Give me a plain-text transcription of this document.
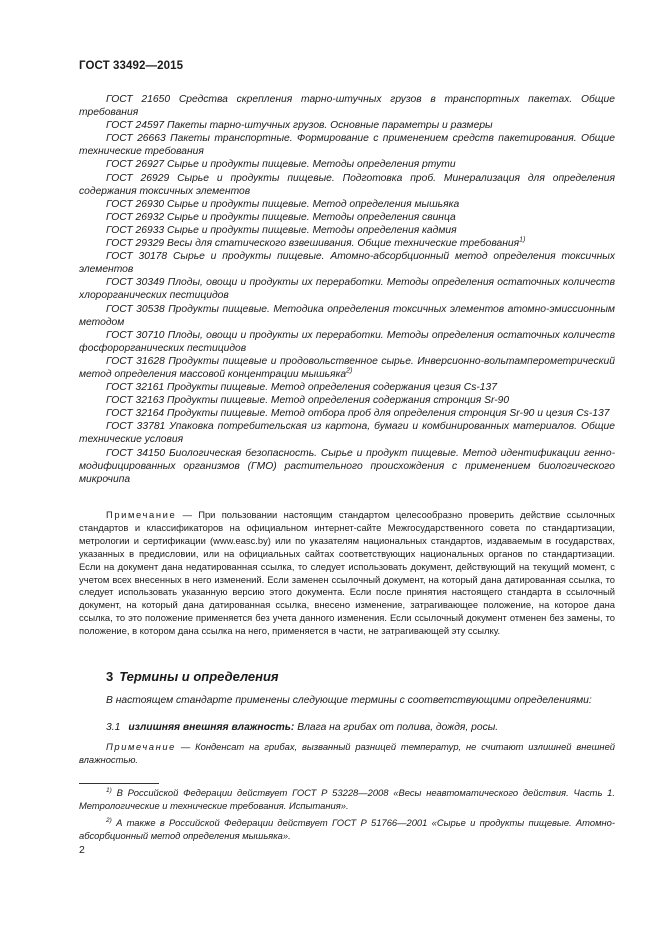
ГОСТ 33492—2015

ГОСТ 21650 Средства скрепления тарно-штучных грузов в транспортных пакетах. Общие требования

ГОСТ 24597 Пакеты тарно-штучных грузов. Основные параметры и размеры

ГОСТ 26663 Пакеты транспортные. Формирование с применением средств пакетирования. Общие технические требования

ГОСТ 26927 Сырье и продукты пищевые. Методы определения ртути

ГОСТ 26929 Сырье и продукты пищевые. Подготовка проб. Минерализация для определения содержания токсичных элементов

ГОСТ 26930 Сырье и продукты пищевые. Метод определения мышьяка

ГОСТ 26932 Сырье и продукты пищевые. Методы определения свинца

ГОСТ 26933 Сырье и продукты пищевые. Методы определения кадмия

ГОСТ 29329 Весы для статического взвешивания. Общие технические требования$^{1)}$

ГОСТ 30178 Сырье и продукты пищевые. Атомно-абсорбционный метод определения токсичных элементов

ГОСТ 30349 Плоды, овощи и продукты их переработки. Методы определения остаточных количеств хлорорганических пестицидов

ГОСТ 30538 Продукты пищевые. Методика определения токсичных элементов атомно-эмиссионным методом

ГОСТ 30710 Плоды, овощи и продукты их переработки. Методы определения остаточных количеств фосфорорганических пестицидов

ГОСТ 31628 Продукты пищевые и продовольственное сырье. Инверсионно-вольтамперометрический метод определения массовой концентрации мышьяка$^{2)}$

ГОСТ 32161 Продукты пищевые. Метод определения содержания цезия Cs-137

ГОСТ 32163 Продукты пищевые. Метод определения содержания стронция Sr-90

ГОСТ 32164 Продукты пищевые. Метод отбора проб для определения стронция Sr-90 и цезия Cs-137

ГОСТ 33781 Упаковка потребительская из картона, бумаги и комбинированных материалов. Общие технические условия

ГОСТ 34150 Биологическая безопасность. Сырье и продукт пищевые. Метод идентификации генно-модифицированных организмов (ГМО) растительного происхождения с применением биологического микрочипа

Примечание — При пользовании настоящим стандартом целесообразно проверить действие ссылочных стандартов и классификаторов на официальном интернет-сайте Межгосударственного совета по стандартизации, метрологии и сертификации (www.easc.by) или по указателям национальных стандартов, издаваемым в государствах, указанных в предисловии, или на официальных сайтах соответствующих национальных органов по стандартизации. Если на документ дана недатированная ссылка, то следует использовать документ, действующий на текущий момент, с учетом всех внесенных в него изменений. Если заменен ссылочный документ, на который дана датированная ссылка, то следует использовать указанную версию этого документа. Если после принятия настоящего стандарта в ссылочный документ, на который дана датированная ссылка, внесено изменение, затрагивающее положение, на которое дана ссылка, то это положение применяется без учета данного изменения. Если ссылочный документ отменен без замены, то положение, в котором дана ссылка на него, применяется в части, не затрагивающей эту ссылку.

3 Термины и определения

В настоящем стандарте применены следующие термины с соответствующими определениями:

3.1 излишняя внешняя влажность: Влага на грибах от полива, дождя, росы.

Примечание — Конденсат на грибах, вызванный разницей температур, не считают излишней внешней влажностью.

$^{1)}$ В Российской Федерации действует ГОСТ Р 53228—2008 «Весы неавтоматического действия. Часть 1. Метрологические и технические требования. Испытания».

$^{2)}$ А также в Российской Федерации действует ГОСТ Р 51766—2001 «Сырье и продукты пищевые. Атомно-абсорбционный метод определения мышьяка».

2
